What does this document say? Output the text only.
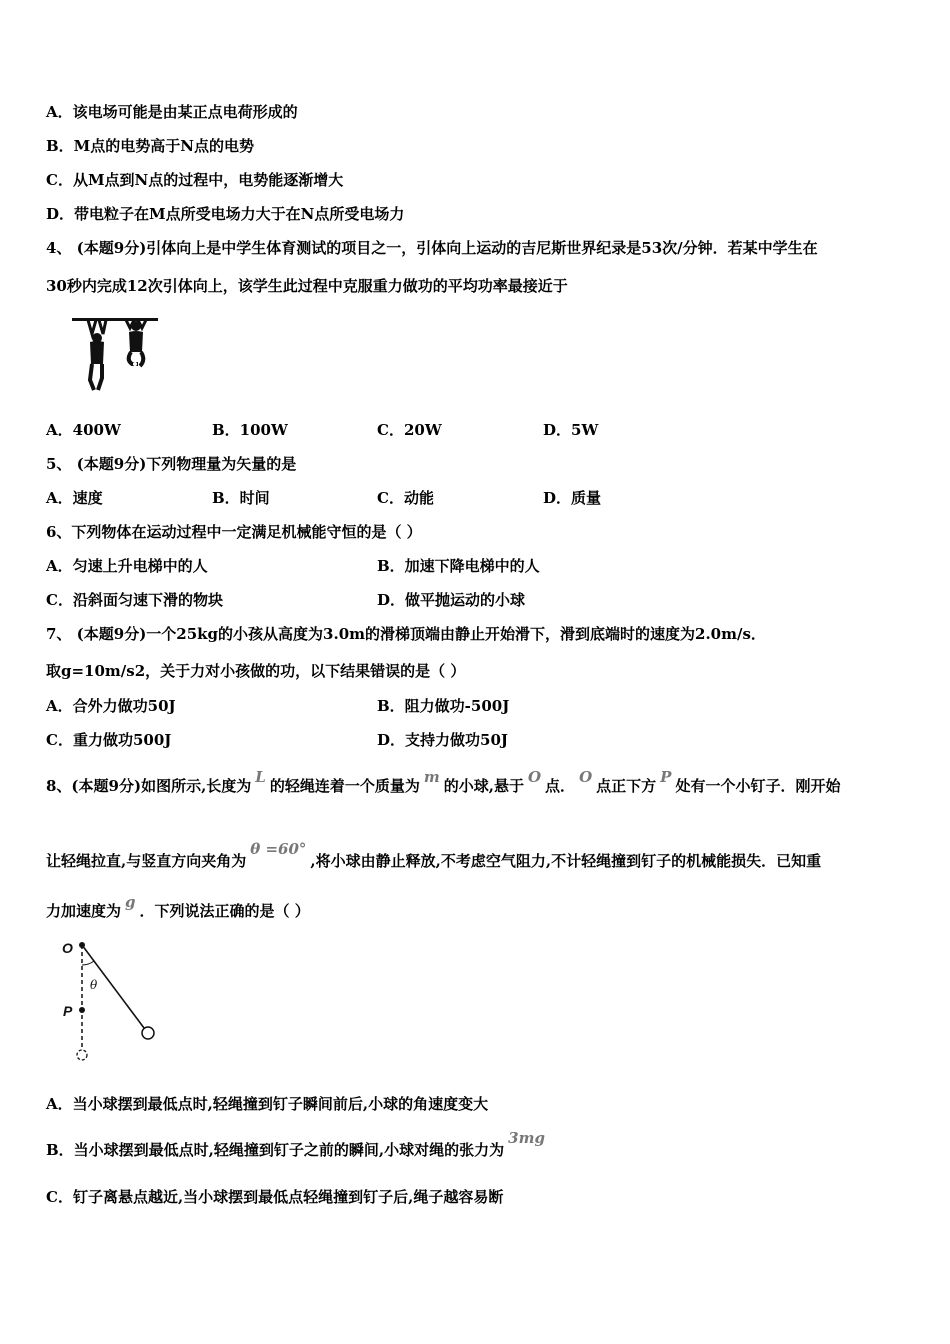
A．该电场可能是由某正点电荷形成的
B．M点的电势高于N点的电势
C．从M点到N点的过程中，电势能逐渐增大
D．带电粒子在M点所受电场力大于在N点所受电场力
4、 (本题9分)引体向上是中学生体育测试的项目之一，引体向上运动的吉尼斯世界纪录是53次/分钟．若某中学生在
30秒内完成12次引体向上，该学生此过程中克服重力做功的平均功率最接近于
A．400W	B．100W	C．20W	D．5W
5、 (本题9分)下列物理量为矢量的是
A．速度	B．时间	C．动能	D．质量
6、下列物体在运动过程中一定满足机械能守恒的是（ ）
A．匀速上升电梯中的人	B．加速下降电梯中的人
C．沿斜面匀速下滑的物块	D．做平抛运动的小球
7、 (本题9分)一个25kg的小孩从高度为3.0m的滑梯顶端由静止开始滑下，滑到底端时的速度为2.0m/s．
取g=10m/s2，关于力对小孩做的功，以下结果错误的是（ ）
A．合外力做功50J	B．阻力做功-500J
C．重力做功500J	D．支持力做功50J
8、(本题9分)如图所示,长度为 L 的轻绳连着一个质量为 m 的小球,悬于 O 点． O 点正下方 P 处有一个小钉子．刚开始
让轻绳拉直,与竖直方向夹角为θ =60°,将小球由静止释放,不考虑空气阻力,不计轻绳撞到钉子的机械能损失．已知重
力加速度为 g ．下列说法正确的是（ ）
O
θ
P
A．当小球摆到最低点时,轻绳撞到钉子瞬间前后,小球的角速度变大
B．当小球摆到最低点时,轻绳撞到钉子之前的瞬间,小球对绳的张力为3mg
C．钉子离悬点越近,当小球摆到最低点轻绳撞到钉子后,绳子越容易断
